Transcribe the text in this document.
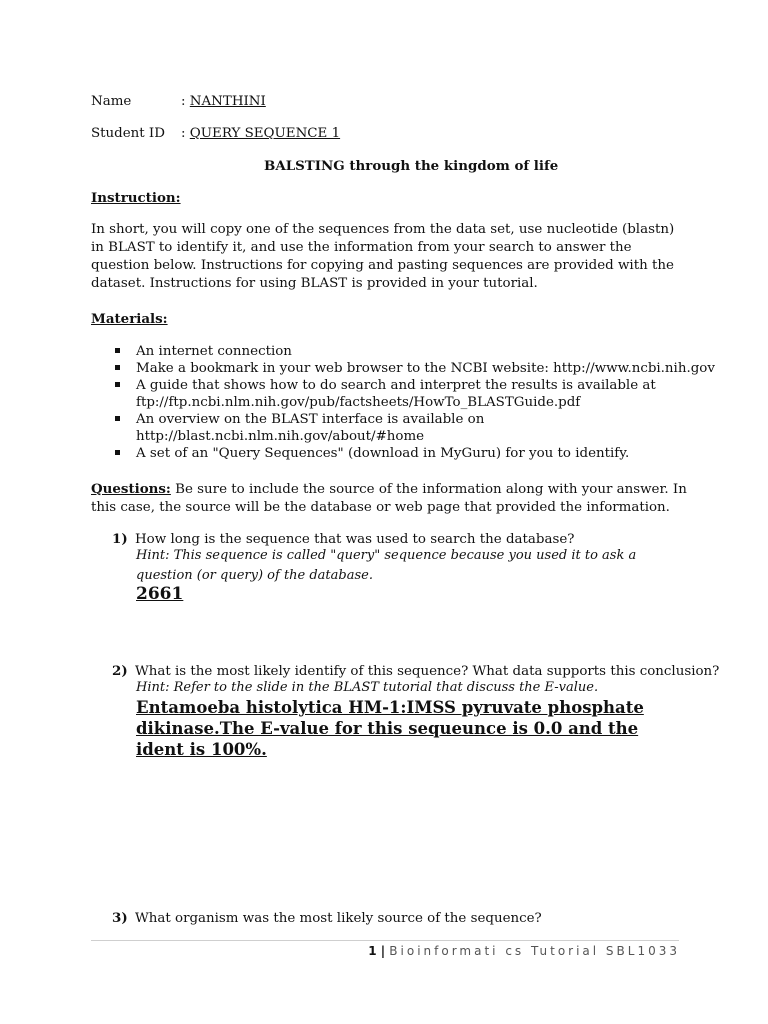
Name	: NANTHINI
Student ID : QUERY SEQUENCE 1
BALSTING through the kingdom of life
Instruction:
In short, you will copy one of the sequences from the data set, use nucleotide (blastn) in BLAST to identify it, and use the information from your search to answer the question below. Instructions for copying and pasting sequences are provided with the dataset. Instructions for using BLAST is provided in your tutorial.
Materials:
An internet connection
Make a bookmark in your web browser to the NCBI website: http://www.ncbi.nih.gov
A guide that shows how to do search and interpret the results is available at
ftp://ftp.ncbi.nlm.nih.gov/pub/factsheets/HowTo_BLASTGuide.pdf
An overview on the BLAST interface is available on
http://blast.ncbi.nlm.nih.gov/about/#home
A set of an "Query Sequences" (download in MyGuru) for you to identify.
Questions: Be sure to include the source of the information along with your answer. In this case, the source will be the database or web page that provided the information.
1) How long is the sequence that was used to search the database?
Hint: This sequence is called "query" sequence because you used it to ask a question (or query) of the database.
2661
2) What is the most likely identify of this sequence? What data supports this conclusion?
Hint: Refer to the slide in the BLAST tutorial that discuss the E-value.
Entamoeba histolytica HM-1:IMSS pyruvate phosphate dikinase.The E-value for this sequeunce is 0.0 and the ident is 100%.
3) What organism was the most likely source of the sequence?
1 | Bioinformati cs Tutorial SBL1033
